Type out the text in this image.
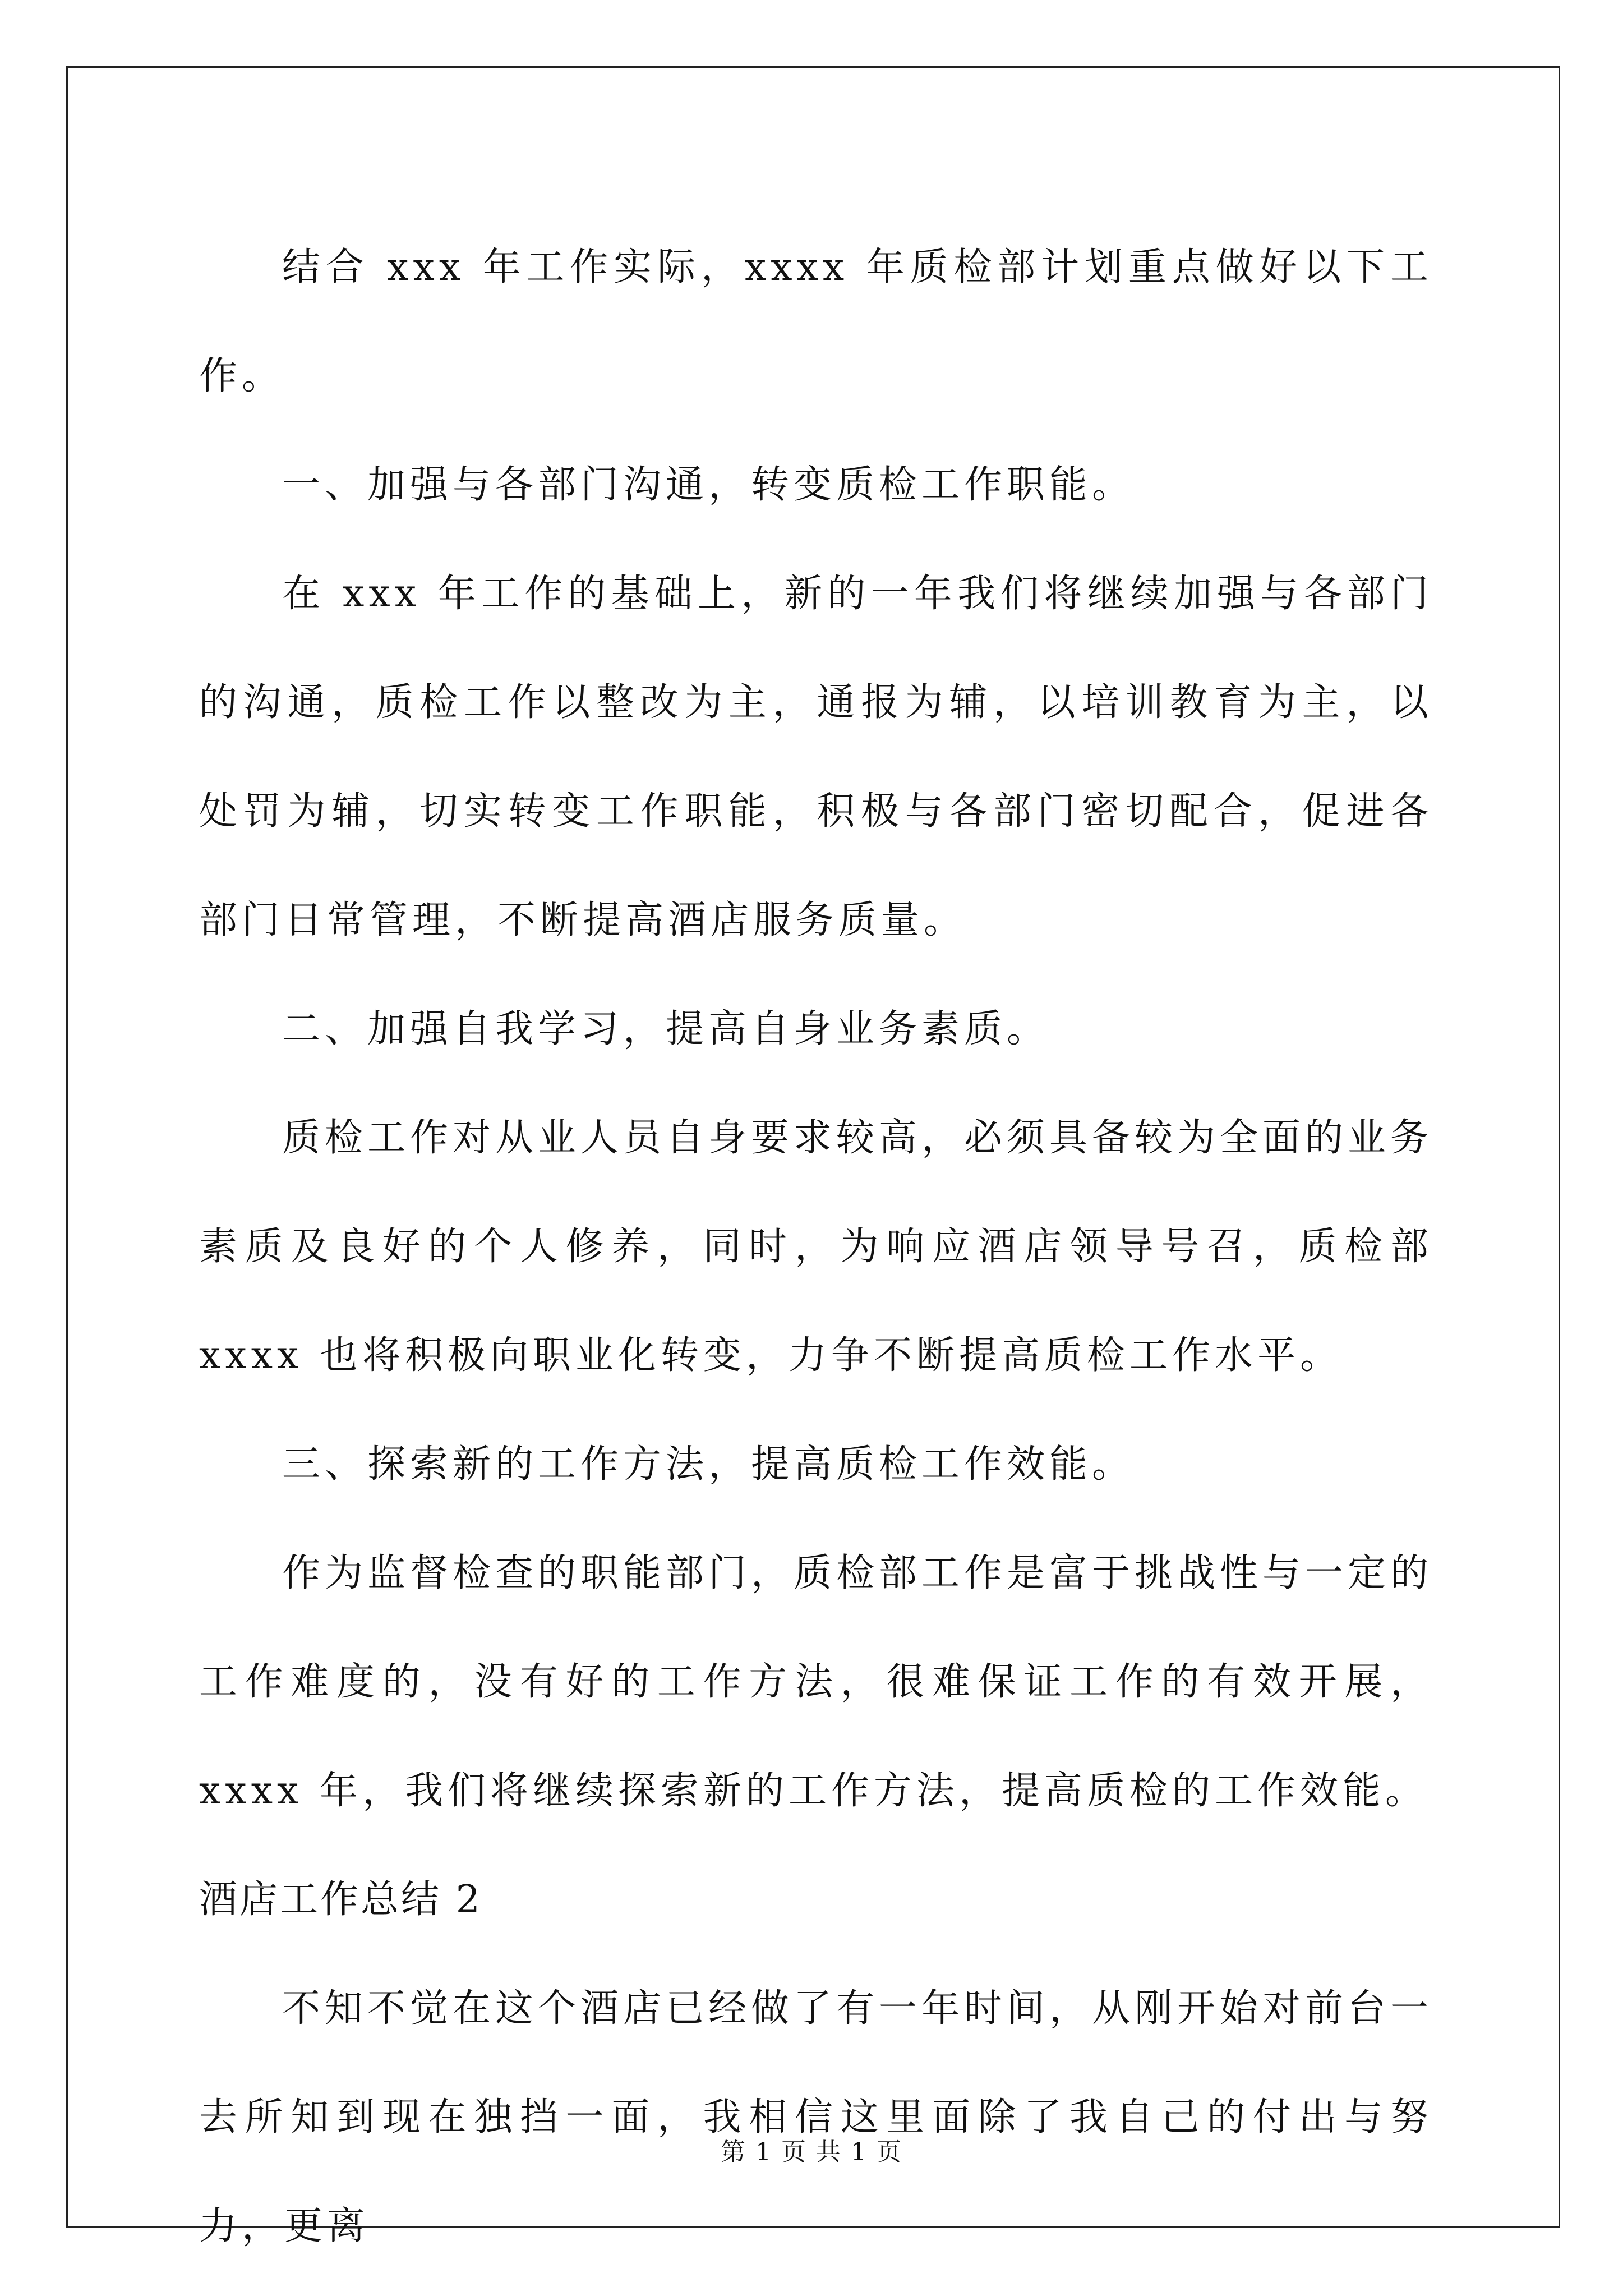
结合 xxx 年工作实际，xxxx 年质检部计划重点做好以下工作。

一、加强与各部门沟通，转变质检工作职能。

在 xxx 年工作的基础上，新的一年我们将继续加强与各部门的沟通，质检工作以整改为主，通报为辅，以培训教育为主，以处罚为辅，切实转变工作职能，积极与各部门密切配合，促进各部门日常管理，不断提高酒店服务质量。

二、加强自我学习，提高自身业务素质。

质检工作对从业人员自身要求较高，必须具备较为全面的业务素质及良好的个人修养，同时，为响应酒店领导号召，质检部 xxxx 也将积极向职业化转变，力争不断提高质检工作水平。

三、探索新的工作方法，提高质检工作效能。

作为监督检查的职能部门，质检部工作是富于挑战性与一定的工作难度的，没有好的工作方法，很难保证工作的有效开展，xxxx 年，我们将继续探索新的工作方法，提高质检的工作效能。

酒店工作总结 2

不知不觉在这个酒店已经做了有一年时间，从刚开始对前台一去所知到现在独挡一面，我相信这里面除了我自己的付出与努力，更离

第 1 页 共 1 页
